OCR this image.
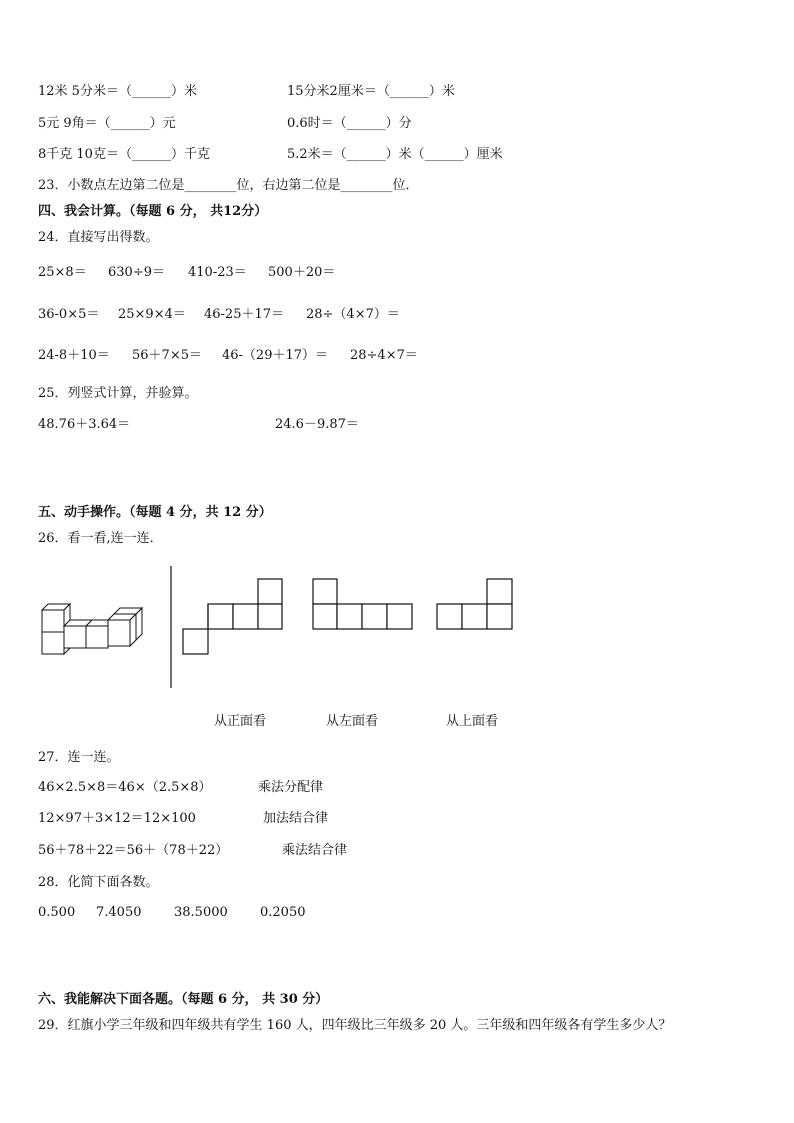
12米 5分米＝（______）米	15分米2厘米＝（______）米
5元 9角＝（______）元	0.6时＝（______）分
8千克 10克＝（______）千克	5.2米＝（______）米（______）厘米
23．小数点左边第二位是________位，右边第二位是________位．
四、我会计算。（每题 6 分， 共12分）
24．直接写出得数。
25×8＝ 630÷9＝ 410-23＝ 500＋20＝
36-0×5＝ 25×9×4＝ 46-25＋17＝ 28÷（4×7）＝
24-8＋10＝ 56＋7×5＝ 46-（29＋17）＝ 28÷4×7＝
25．列竖式计算，并验算。
48.76＋3.64＝	24.6－9.87＝
五、动手操作。（每题 4 分，共 12 分）
26．看一看,连一连．
从正面看	从左面看	从上面看
27．连一连。
46×2.5×8＝46×（2.5×8）	乘法分配律
12×97＋3×12＝12×100	加法结合律
56＋78＋22＝56＋（78＋22）	乘法结合律
28．化简下面各数。
0.500 7.4050	38.5000 0.2050
六、我能解决下面各题。（每题 6 分， 共 30 分）
29．红旗小学三年级和四年级共有学生 160 人，四年级比三年级多 20 人。三年级和四年级各有学生多少人？
